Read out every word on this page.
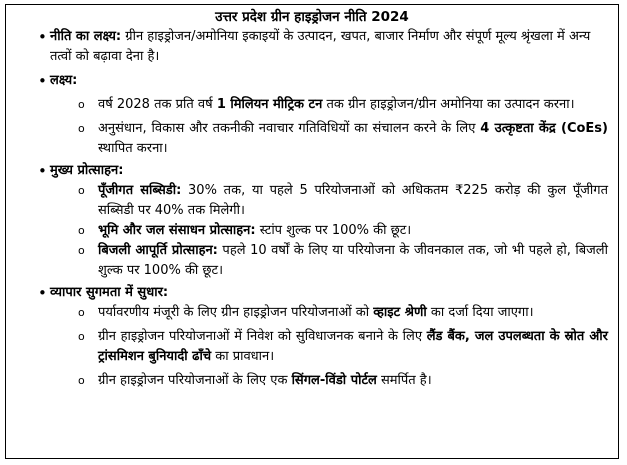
उत्तर प्रदेश ग्रीन हाइड्रोजन नीति 2024
• नीति का लक्ष्य: ग्रीन हाइड्रोजन/अमोनिया इकाइयों के उत्पादन, खपत, बाजार निर्माण और संपूर्ण मूल्य श्रृंखला में अन्य तत्वों को बढ़ावा देना है।
• लक्ष्य:
o वर्ष 2028 तक प्रति वर्ष 1 मिलियन मीट्रिक टन तक ग्रीन हाइड्रोजन/ग्रीन अमोनिया का उत्पादन करना।
o अनुसंधान, विकास और तकनीकी नवाचार गतिविधियों का संचालन करने के लिए 4 उत्कृष्टता केंद्र (CoEs) स्थापित करना।
• मुख्य प्रोत्साहन:
o पूँजीगत सब्सिडी: 30% तक, या पहले 5 परियोजनाओं को अधिकतम ₹225 करोड़ की कुल पूँजीगत सब्सिडी पर 40% तक मिलेगी।
o भूमि और जल संसाधन प्रोत्साहन: स्टांप शुल्क पर 100% की छूट।
o बिजली आपूर्ति प्रोत्साहन: पहले 10 वर्षों के लिए या परियोजना के जीवनकाल तक, जो भी पहले हो, बिजली शुल्क पर 100% की छूट।
• व्यापार सुगमता में सुधार:
o पर्यावरणीय मंजूरी के लिए ग्रीन हाइड्रोजन परियोजनाओं को व्हाइट श्रेणी का दर्जा दिया जाएगा।
o ग्रीन हाइड्रोजन परियोजनाओं में निवेश को सुविधाजनक बनाने के लिए लैंड बैंक, जल उपलब्धता के स्रोत और ट्रांसमिशन बुनियादी ढाँचे का प्रावधान।
o ग्रीन हाइड्रोजन परियोजनाओं के लिए एक सिंगल-विंडो पोर्टल समर्पित है।
